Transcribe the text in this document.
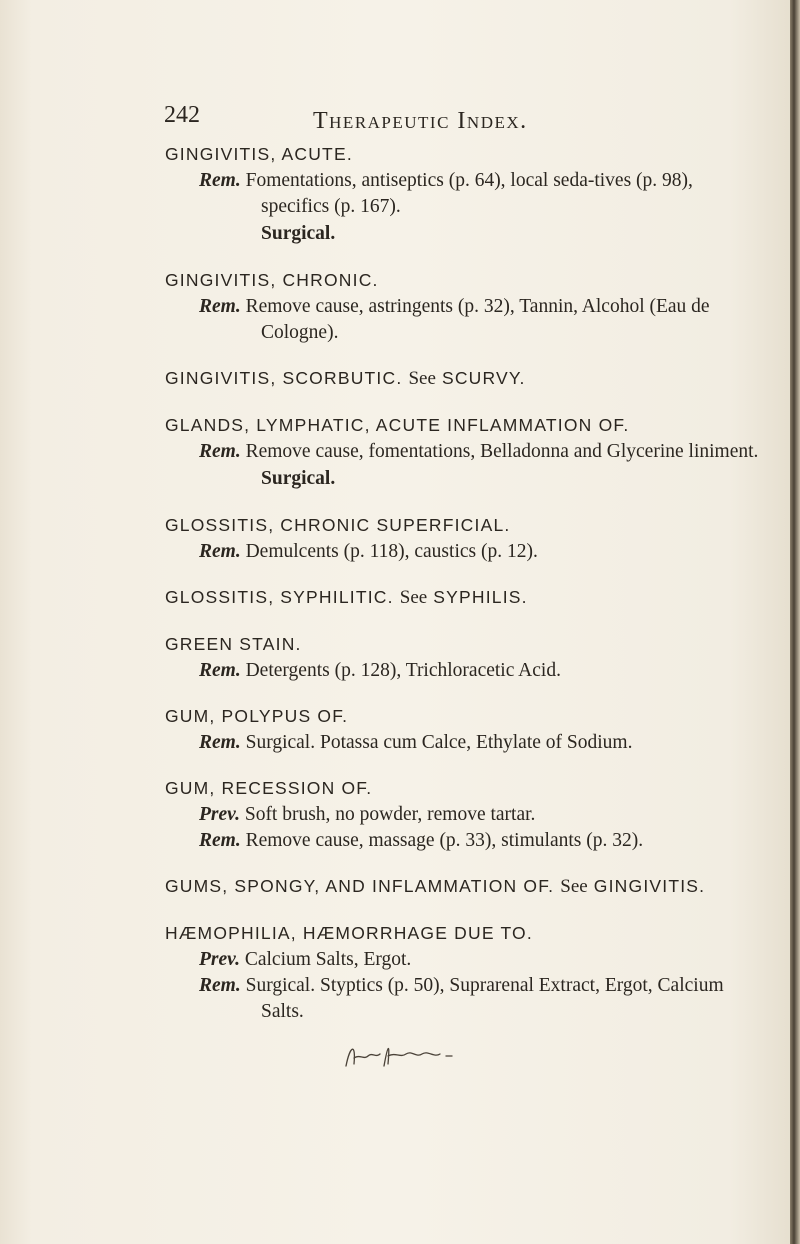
242	Therapeutic Index.
GINGIVITIS, ACUTE.
Rem. Fomentations, antiseptics (p. 64), local seda-tives (p. 98), specifics (p. 167).
Surgical.
GINGIVITIS, CHRONIC.
Rem. Remove cause, astringents (p. 32), Tannin, Alcohol (Eau de Cologne).
GINGIVITIS, SCORBUTIC. See SCURVY.
GLANDS, LYMPHATIC, ACUTE INFLAMMATION OF.
Rem. Remove cause, fomentations, Belladonna and Glycerine liniment.
Surgical.
GLOSSITIS, CHRONIC SUPERFICIAL.
Rem. Demulcents (p. 118), caustics (p. 12).
GLOSSITIS, SYPHILITIC. See SYPHILIS.
GREEN STAIN.
Rem. Detergents (p. 128), Trichloracetic Acid.
GUM, POLYPUS OF.
Rem. Surgical. Potassa cum Calce, Ethylate of Sodium.
GUM, RECESSION OF.
Prev. Soft brush, no powder, remove tartar.
Rem. Remove cause, massage (p. 33), stimulants (p. 32).
GUMS, SPONGY, AND INFLAMMATION OF. See GINGIVITIS.
HÆMOPHILIA, HÆMORRHAGE DUE TO.
Prev. Calcium Salts, Ergot.
Rem. Surgical. Styptics (p. 50), Suprarenal Extract, Ergot, Calcium Salts.
